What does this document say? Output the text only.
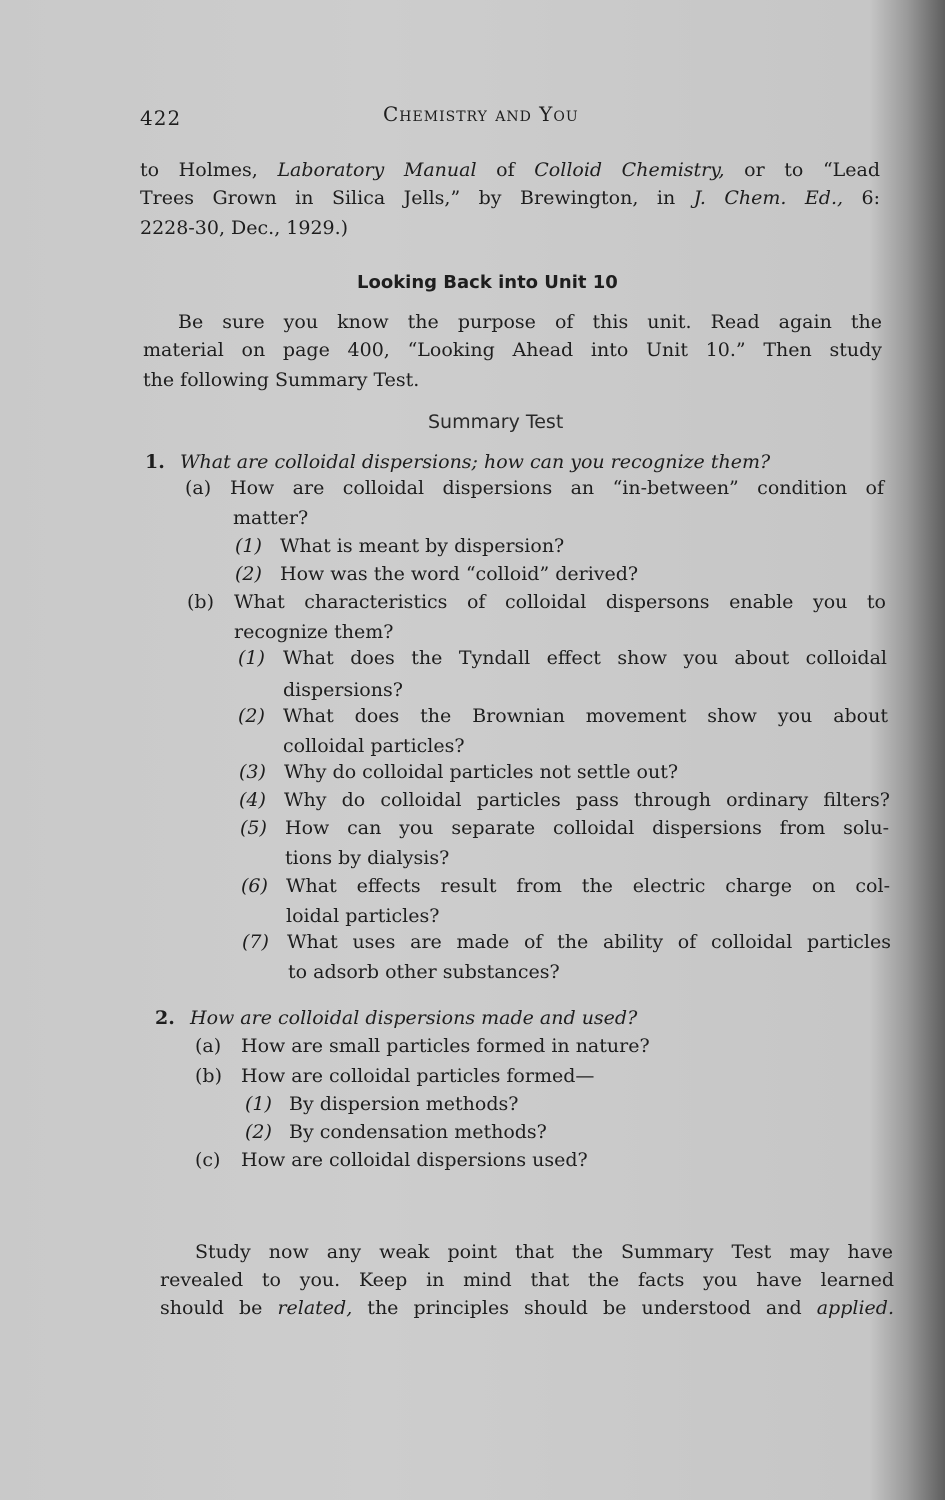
422	Chemistry and You
to Holmes, Laboratory Manual of Colloid Chemistry, or to “Lead
Trees Grown in Silica Jells,” by Brewington, in J. Chem. Ed., 6:
2228-30, Dec., 1929.)
Looking Back into Unit 10
Be sure you know the purpose of this unit. Read again the
material on page 400, “Looking Ahead into Unit 10.” Then study
the following Summary Test.
Summary Test
1. What are colloidal dispersions; how can you recognize them?
(a) How are colloidal dispersions an “in-between” condition of
matter?
(1) What is meant by dispersion?
(2) How was the word “colloid” derived?
(b) What characteristics of colloidal dispersons enable you to
recognize them?
(1) What does the Tyndall effect show you about colloidal
dispersions?
(2) What does the Brownian movement show you about
colloidal particles?
(3) Why do colloidal particles not settle out?
(4) Why do colloidal particles pass through ordinary filters?
(5) How can you separate colloidal dispersions from solu-
tions by dialysis?
(6) What effects result from the electric charge on col-
loidal particles?
(7) What uses are made of the ability of colloidal particles
to adsorb other substances?
2. How are colloidal dispersions made and used?
(a) How are small particles formed in nature?
(b) How are colloidal particles formed—
(1) By dispersion methods?
(2) By condensation methods?
(c) How are colloidal dispersions used?
Study now any weak point that the Summary Test may have
revealed to you. Keep in mind that the facts you have learned
should be related, the principles should be understood and applied.
